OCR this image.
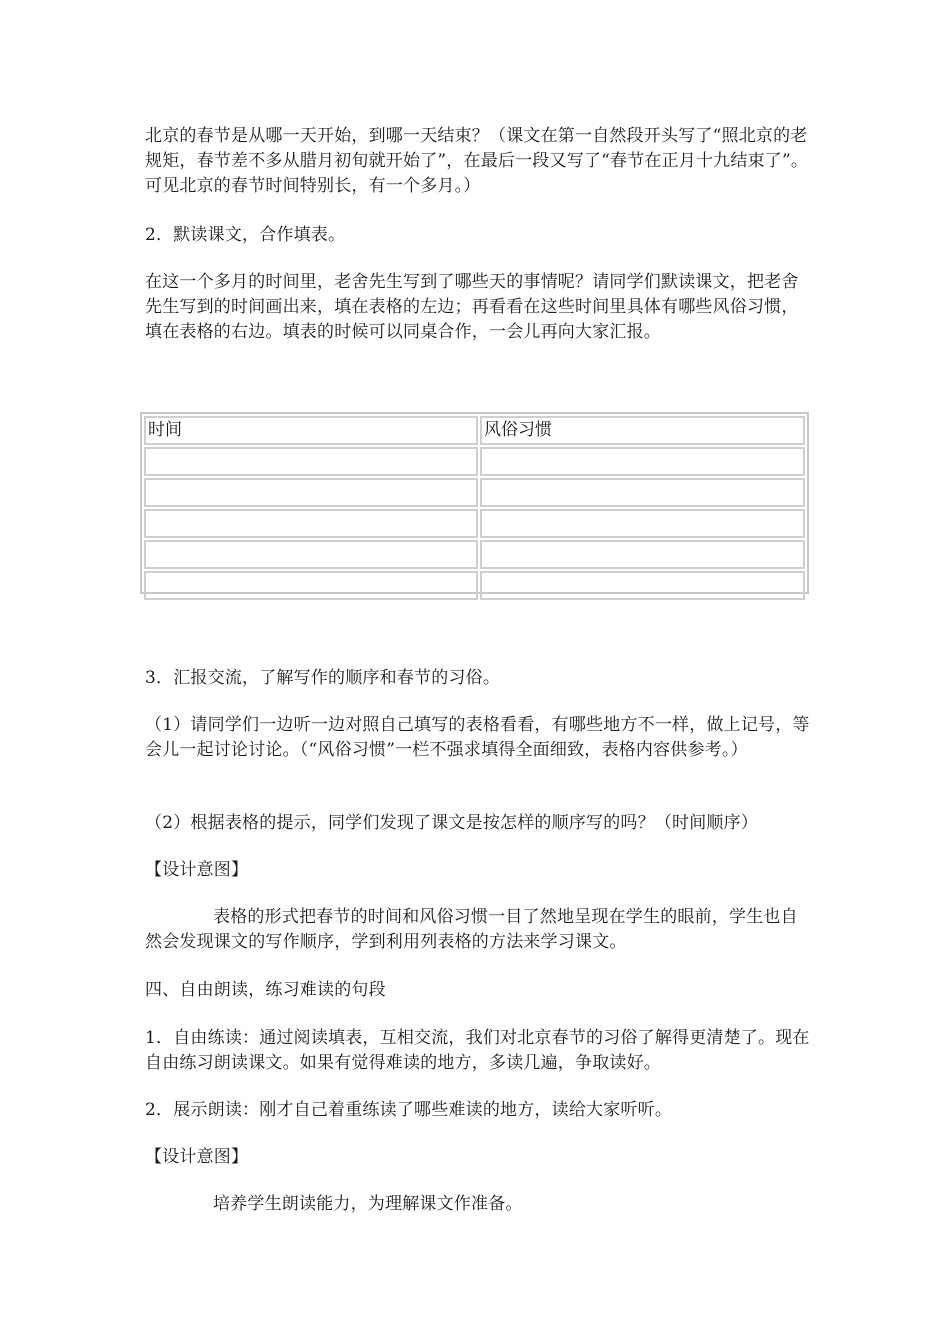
北京的春节是从哪一天开始，到哪一天结束？（课文在第一自然段开头写了“照北京的老规矩，春节差不多从腊月初旬就开始了”，在最后一段又写了“春节在正月十九结束了”。可见北京的春节时间特别长，有一个多月。）

2．默读课文，合作填表。

在这一个多月的时间里，老舍先生写到了哪些天的事情呢？请同学们默读课文，把老舍先生写到的时间画出来，填在表格的左边；再看看在这些时间里具体有哪些风俗习惯，填在表格的右边。填表的时候可以同桌合作，一会儿再向大家汇报。

时间	风俗习惯

3．汇报交流，了解写作的顺序和春节的习俗。

（1）请同学们一边听一边对照自己填写的表格看看，有哪些地方不一样，做上记号，等会儿一起讨论讨论。（“风俗习惯”一栏不强求填得全面细致，表格内容供参考。）

（2）根据表格的提示，同学们发现了课文是按怎样的顺序写的吗？（时间顺序）

【设计意图】

表格的形式把春节的时间和风俗习惯一目了然地呈现在学生的眼前，学生也自然会发现课文的写作顺序，学到利用列表格的方法来学习课文。

四、自由朗读，练习难读的句段

1．自由练读：通过阅读填表，互相交流，我们对北京春节的习俗了解得更清楚了。现在自由练习朗读课文。如果有觉得难读的地方，多读几遍，争取读好。

2．展示朗读：刚才自己着重练读了哪些难读的地方，读给大家听听。

【设计意图】

培养学生朗读能力，为理解课文作准备。
